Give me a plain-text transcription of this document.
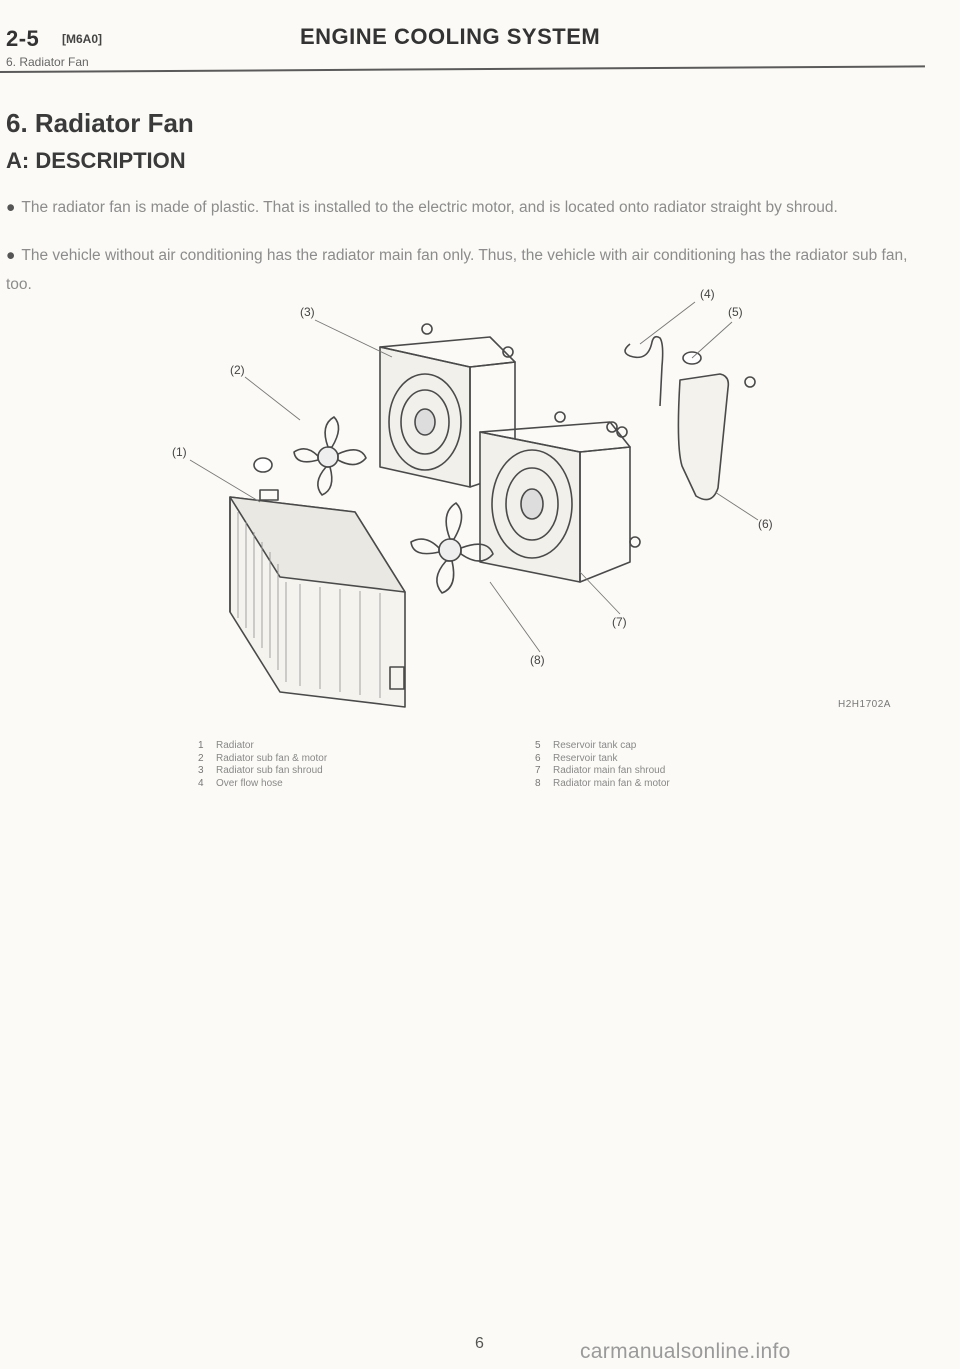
2-5 [M6A0]
6. Radiator Fan
ENGINE COOLING SYSTEM
6. Radiator Fan
A: DESCRIPTION
● The radiator fan is made of plastic. That is installed to the electric motor, and is located onto radiator straight by shroud.
● The vehicle without air conditioning has the radiator main fan only. Thus, the vehicle with air conditioning has the radiator sub fan, too.
(3)
(2)
(1)
(4)
(5)
(6)
(7)
(8)
H2H1702A
1 Radiator
2 Radiator sub fan & motor
3 Radiator sub fan shroud
4 Over flow hose
5 Reservoir tank cap
6 Reservoir tank
7 Radiator main fan shroud
8 Radiator main fan & motor
6	carmanualsonline.info
